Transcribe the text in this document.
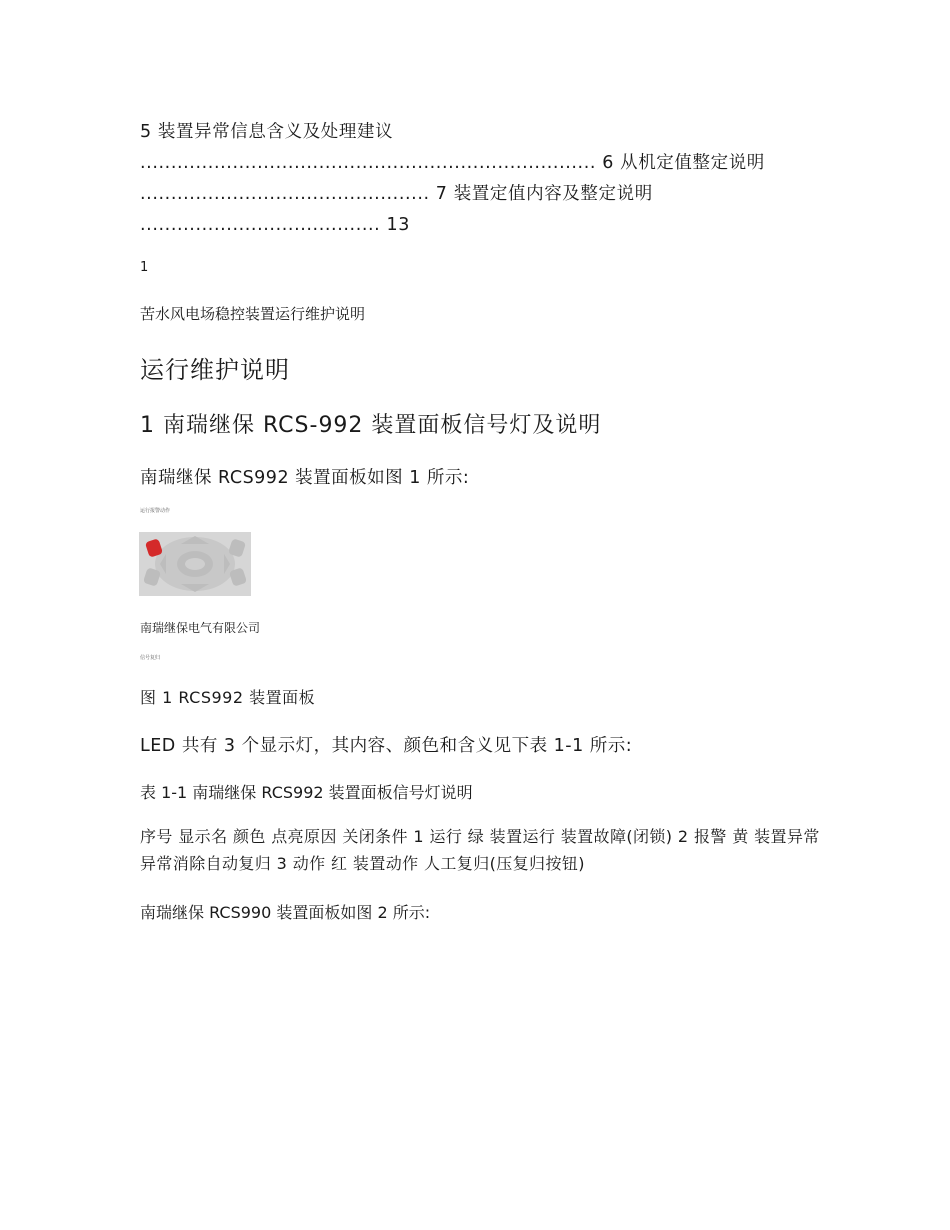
5 装置异常信息含义及处理建议 .......................................................................... 6 从机定值整定说明 ............................................... 7 装置定值内容及整定说明 ....................................... 13

1

苦水风电场稳控装置运行维护说明

运行维护说明
1 南瑞继保 RCS-992 装置面板信号灯及说明

南瑞继保 RCS992 装置面板如图 1 所示:

运行报警动作

南瑞继保电气有限公司

信号复归

图 1 RCS992 装置面板

LED 共有 3 个显示灯，其内容、颜色和含义见下表 1-1 所示:

表 1-1 南瑞继保 RCS992 装置面板信号灯说明

序号 显示名 颜色 点亮原因 关闭条件 1 运行 绿 装置运行 装置故障(闭锁) 2 报警 黄 装置异常 异常消除自动复归 3 动作 红 装置动作 人工复归(压复归按钮)

南瑞继保 RCS990 装置面板如图 2 所示:
